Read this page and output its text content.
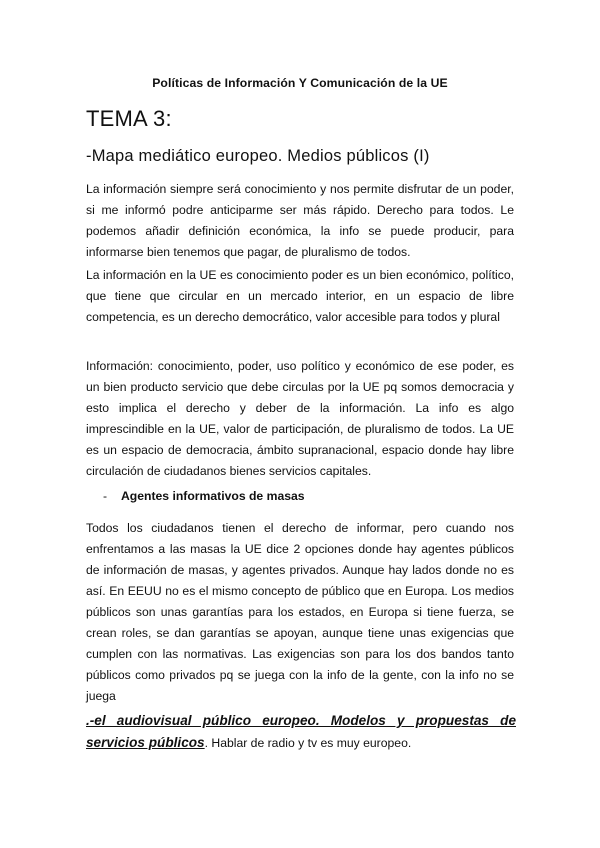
Políticas de Información Y Comunicación de la UE
TEMA 3:
-Mapa mediático europeo. Medios públicos (I)

La información siempre será conocimiento y nos permite disfrutar de un poder, si me informó podre anticiparme ser más rápido. Derecho para todos. Le podemos añadir definición económica, la info se puede producir, para informarse bien tenemos que pagar, de pluralismo de todos.

La información en la UE es conocimiento poder es un bien económico, político, que tiene que circular en un mercado interior, en un espacio de libre competencia, es un derecho democrático, valor accesible para todos y plural

Información: conocimiento, poder, uso político y económico de ese poder, es un bien producto servicio que debe circulas por la UE pq somos democracia y esto implica el derecho y deber de la información. La info es algo imprescindible en la UE, valor de participación, de pluralismo de todos. La UE es un espacio de democracia, ámbito supranacional, espacio donde hay libre circulación de ciudadanos bienes servicios capitales.

- Agentes informativos de masas

Todos los ciudadanos tienen el derecho de informar, pero cuando nos enfrentamos a las masas la UE dice 2 opciones donde hay agentes públicos de información de masas, y agentes privados. Aunque hay lados donde no es así. En EEUU no es el mismo concepto de público que en Europa. Los medios públicos son unas garantías para los estados, en Europa si tiene fuerza, se crean roles, se dan garantías se apoyan, aunque tiene unas exigencias que cumplen con las normativas. Las exigencias son para los dos bandos tanto públicos como privados pq se juega con la info de la gente, con la info no se juega

.-el audiovisual público europeo. Modelos y propuestas de
servicios públicos. Hablar de radio y tv es muy europeo.
